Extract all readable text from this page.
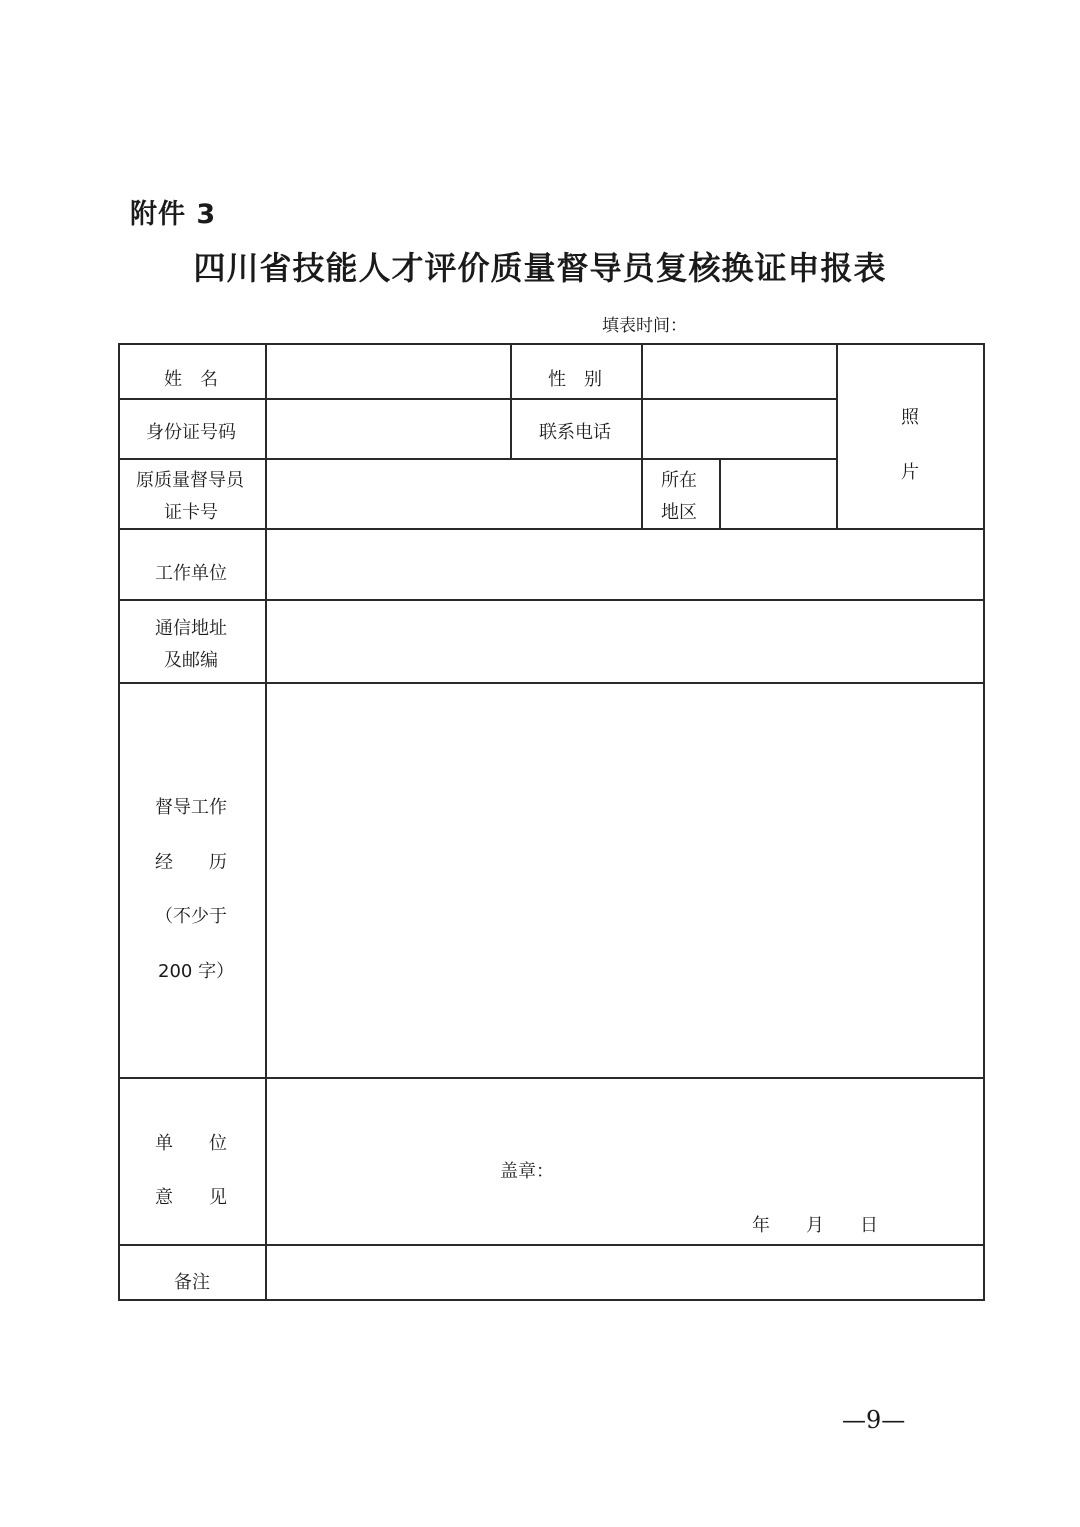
附件 3
四川省技能人才评价质量督导员复核换证申报表
填表时间：
姓　名	性　别
照
片
身份证号码	联系电话
原质量督导员
证卡号
所在
地区
工作单位
通信地址
及邮编
督导工作
经　　历
（不少于
200 字）
单　　位
意　　见
盖章：
年　　月　　日
备注
—9—
